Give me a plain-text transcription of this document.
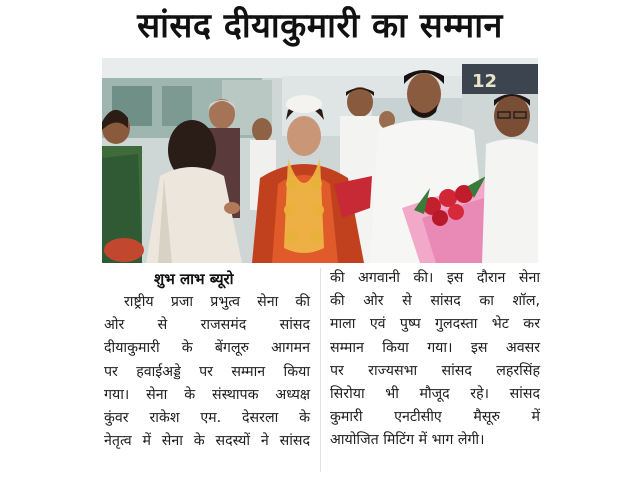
सांसद दीयाकुमारी का सम्मान
12
शुभ लाभ ब्यूरो
राष्ट्रीय प्रजा प्रभुत्व सेना की
ओर से राजसमंद सांसद
दीयाकुमारी के बेंगलूरु आगमन
पर हवाईअड्डे पर सम्मान किया
गया। सेना के संस्थापक अध्यक्ष
कुंवर राकेश एम. देसरला के
नेतृत्व में सेना के सदस्यों ने सांसद
की अगवानी की। इस दौरान सेना
की ओर से सांसद का शॉल,
माला एवं पुष्प गुलदस्ता भेट कर
सम्मान किया गया। इस अवसर
पर राज्यसभा सांसद लहरसिंह
सिरोया भी मौजूद रहे। सांसद
कुमारी एनटीसीए मैसूरु में
आयोजित मिटिंग में भाग लेगी।
